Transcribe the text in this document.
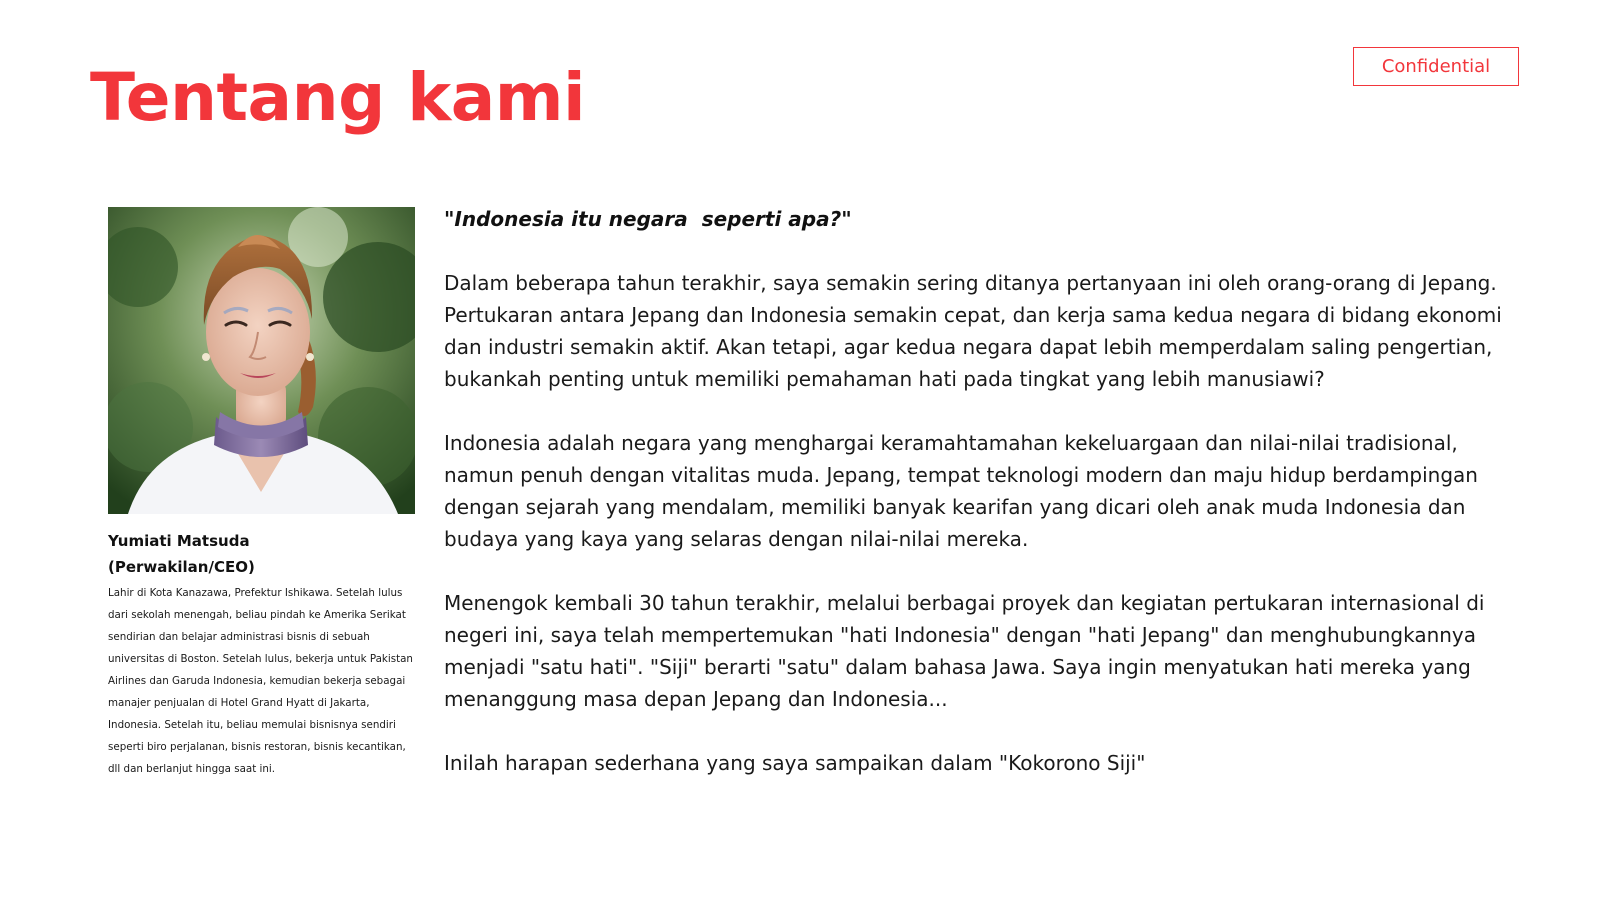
Tentang kami	Confidential
Yumiati Matsuda
(Perwakilan/CEO)
Lahir di Kota Kanazawa, Prefektur Ishikawa. Setelah lulus dari sekolah menengah, beliau pindah ke Amerika Serikat sendirian dan belajar administrasi bisnis di sebuah universitas di Boston. Setelah lulus, bekerja untuk Pakistan Airlines dan Garuda Indonesia, kemudian bekerja sebagai manajer penjualan di Hotel Grand Hyatt di Jakarta, Indonesia. Setelah itu, beliau memulai bisnisnya sendiri seperti biro perjalanan, bisnis restoran, bisnis kecantikan, dll dan berlanjut hingga saat ini.

"Indonesia itu negara  seperti apa?"

Dalam beberapa tahun terakhir, saya semakin sering ditanya pertanyaan ini oleh orang-orang di Jepang. Pertukaran antara Jepang dan Indonesia semakin cepat, dan kerja sama kedua negara di bidang ekonomi dan industri semakin aktif. Akan tetapi, agar kedua negara dapat lebih memperdalam saling pengertian, bukankah penting untuk memiliki pemahaman hati pada tingkat yang lebih manusiawi?

Indonesia adalah negara yang menghargai keramahtamahan kekeluargaan dan nilai-nilai tradisional, namun penuh dengan vitalitas muda. Jepang, tempat teknologi modern dan maju hidup berdampingan dengan sejarah yang mendalam, memiliki banyak kearifan yang dicari oleh anak muda Indonesia dan budaya yang kaya yang selaras dengan nilai-nilai mereka.

Menengok kembali 30 tahun terakhir, melalui berbagai proyek dan kegiatan pertukaran internasional di negeri ini, saya telah mempertemukan "hati Indonesia" dengan "hati Jepang" dan menghubungkannya menjadi "satu hati". "Siji" berarti "satu" dalam bahasa Jawa. Saya ingin menyatukan hati mereka yang menanggung masa depan Jepang dan Indonesia...

Inilah harapan sederhana yang saya sampaikan dalam "Kokorono Siji"
